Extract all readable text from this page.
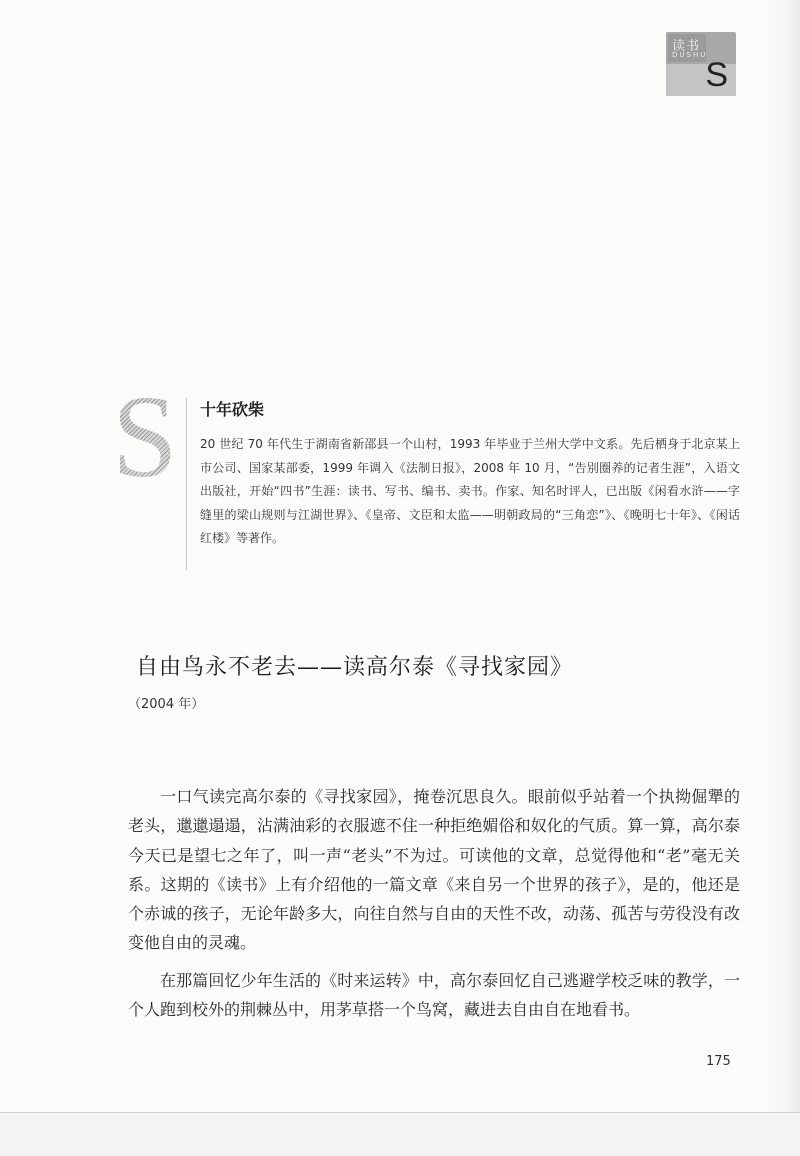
读书
DUSHU
S
S 十年砍柴
20 世纪 70 年代生于湖南省新邵县一个山村，1993 年毕业于兰州大学中文系。先后栖身于北京某上市公司、国家某部委，1999 年调入《法制日报》，2008 年 10 月，“告别圈养的记者生涯”，入语文出版社，开始“四书”生涯：读书、写书、编书、卖书。作家、知名时评人，已出版《闲看水浒——字缝里的梁山规则与江湖世界》、《皇帝、文臣和太监——明朝政局的“三角恋”》、《晚明七十年》、《闲话红楼》等著作。
自由鸟永不老去——读高尔泰《寻找家园》
（2004 年）

一口气读完高尔泰的《寻找家园》，掩卷沉思良久。眼前似乎站着一个执拗倔犟的老头，邋邋遢遢，沾满油彩的衣服遮不住一种拒绝媚俗和奴化的气质。算一算，高尔泰今天已是望七之年了，叫一声“老头”不为过。可读他的文章，总觉得他和“老”毫无关系。这期的《读书》上有介绍他的一篇文章《来自另一个世界的孩子》，是的，他还是个赤诚的孩子，无论年龄多大，向往自然与自由的天性不改，动荡、孤苦与劳役没有改变他自由的灵魂。

在那篇回忆少年生活的《时来运转》中，高尔泰回忆自己逃避学校乏味的教学，一个人跑到校外的荆棘丛中，用茅草搭一个鸟窝，藏进去自由自在地看书。

175
